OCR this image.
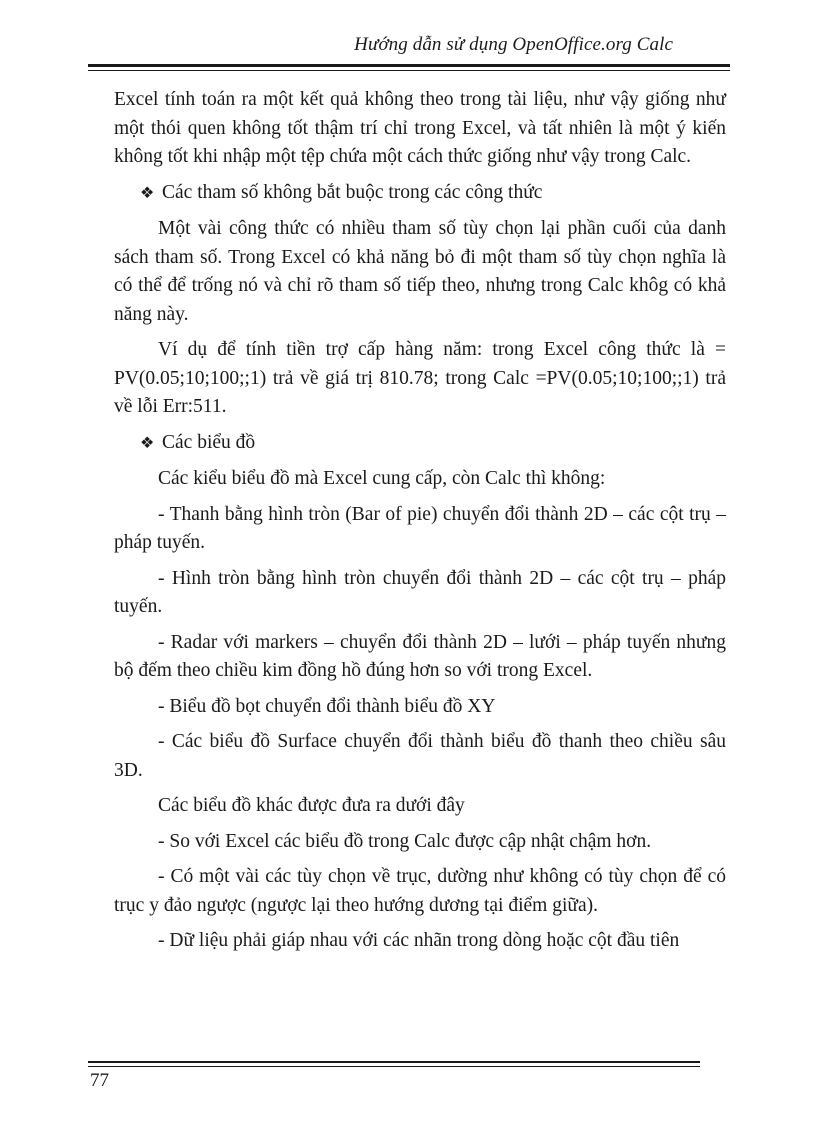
Hướng dẫn sử dụng OpenOffice.org Calc

Excel tính toán ra một kết quả không theo trong tài liệu, như vậy giống như một thói quen không tốt thậm trí chỉ trong Excel, và tất nhiên là một ý kiến không tốt khi nhập một tệp chứa một cách thức giống như vậy trong Calc.

❖ Các tham số không bắt buộc trong các công thức

Một vài công thức có nhiều tham số tùy chọn lại phần cuối của danh sách tham số. Trong Excel có khả năng bỏ đi một tham số tùy chọn nghĩa là có thể để trống nó và chỉ rõ tham số tiếp theo, nhưng trong Calc khôg có khả năng này.

Ví dụ để tính tiền trợ cấp hàng năm: trong Excel công thức là = PV(0.05;10;100;;1) trả về giá trị 810.78; trong Calc =PV(0.05;10;100;;1) trả về lỗi Err:511.

❖ Các biểu đồ

Các kiểu biểu đồ mà Excel cung cấp, còn Calc thì không:

- Thanh bằng hình tròn (Bar of pie) chuyển đổi thành 2D – các cột trụ – pháp tuyến.

- Hình tròn bằng hình tròn chuyển đổi thành 2D – các cột trụ – pháp tuyến.

- Radar với markers – chuyển đổi thành 2D – lưới – pháp tuyến nhưng bộ đếm theo chiều kim đồng hồ đúng hơn so với trong Excel.

- Biểu đồ bọt chuyển đổi thành biểu đồ XY

- Các biểu đồ Surface chuyển đổi thành biểu đồ thanh theo chiều sâu 3D.

Các biểu đồ khác được đưa ra dưới đây

- So với Excel các biểu đồ trong Calc được cập nhật chậm hơn.

- Có một vài các tùy chọn về trục, dường như không có tùy chọn để có trục y đảo ngược (ngược lại theo hướng dương tại điểm giữa).

- Dữ liệu phải giáp nhau với các nhãn trong dòng hoặc cột đầu tiên

77
